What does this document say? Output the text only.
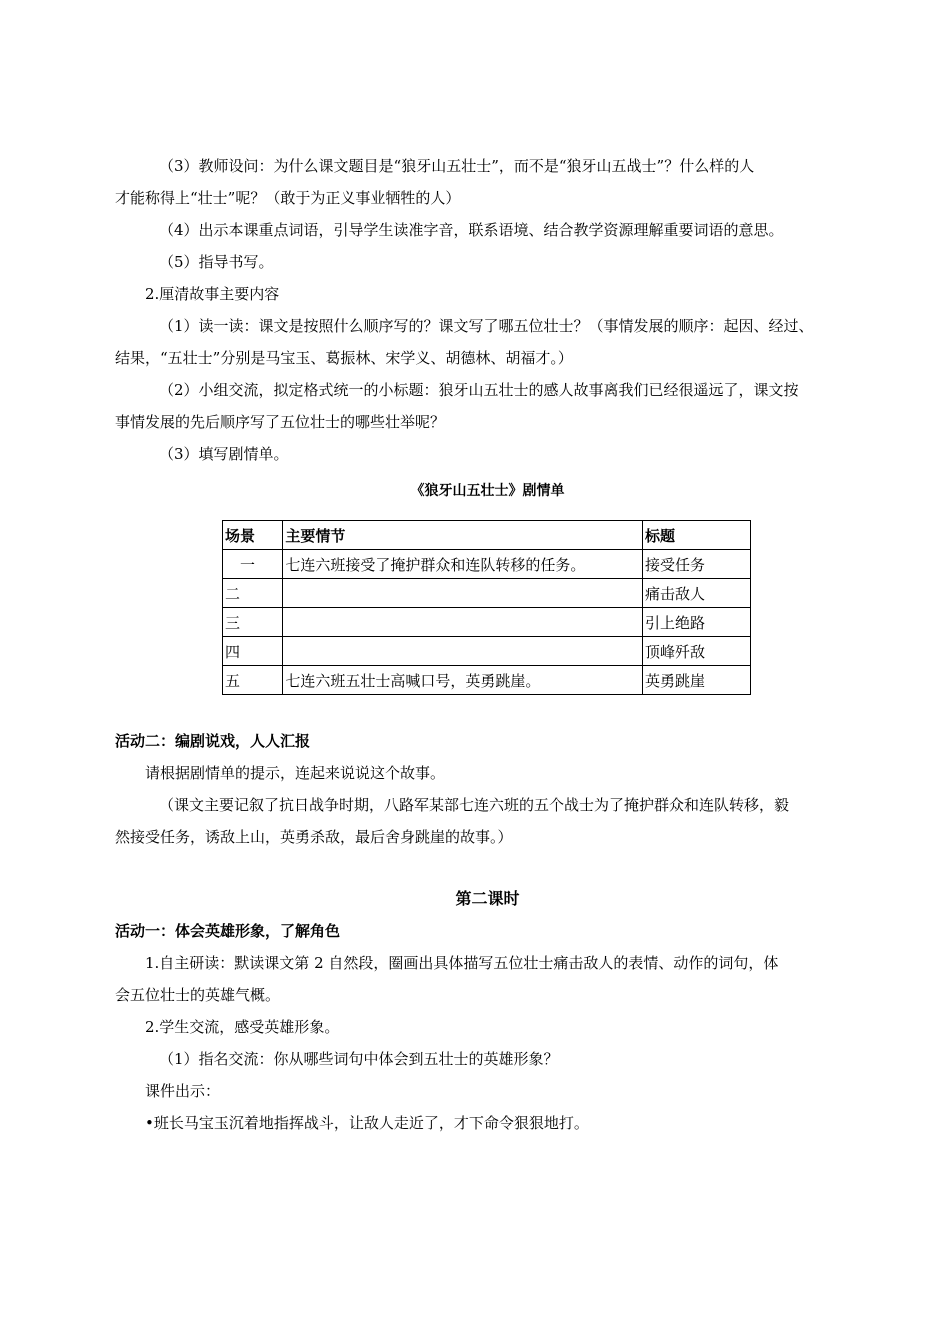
（3）教师设问：为什么课文题目是“狼牙山五壮士”，而不是“狼牙山五战士”？什么样的人

才能称得上“壮士”呢？（敢于为正义事业牺牲的人）

（4）出示本课重点词语，引导学生读准字音，联系语境、结合教学资源理解重要词语的意思。

（5）指导书写。

2.厘清故事主要内容

（1）读一读：课文是按照什么顺序写的？课文写了哪五位壮士？（事情发展的顺序：起因、经过、

结果，“五壮士”分别是马宝玉、葛振林、宋学义、胡德林、胡福才。）

（2）小组交流，拟定格式统一的小标题：狼牙山五壮士的感人故事离我们已经很遥远了，课文按

事情发展的先后顺序写了五位壮士的哪些壮举呢？

（3）填写剧情单。

《狼牙山五壮士》剧情单
场景	主要情节	标题
　一	七连六班接受了掩护群众和连队转移的任务。	接受任务
二		痛击敌人
三		引上绝路
四		顶峰歼敌
五	七连六班五壮士高喊口号，英勇跳崖。	英勇跳崖

活动二：编剧说戏，人人汇报

请根据剧情单的提示，连起来说说这个故事。

（课文主要记叙了抗日战争时期，八路军某部七连六班的五个战士为了掩护群众和连队转移，毅

然接受任务，诱敌上山，英勇杀敌，最后舍身跳崖的故事。）

第二课时

活动一：体会英雄形象，了解角色

1.自主研读：默读课文第 2 自然段，圈画出具体描写五位壮士痛击敌人的表情、动作的词句，体

会五位壮士的英雄气概。

2.学生交流，感受英雄形象。

（1）指名交流：你从哪些词句中体会到五壮士的英雄形象？

课件出示：

•班长马宝玉沉着地指挥战斗，让敌人走近了，才下命令狠狠地打。
